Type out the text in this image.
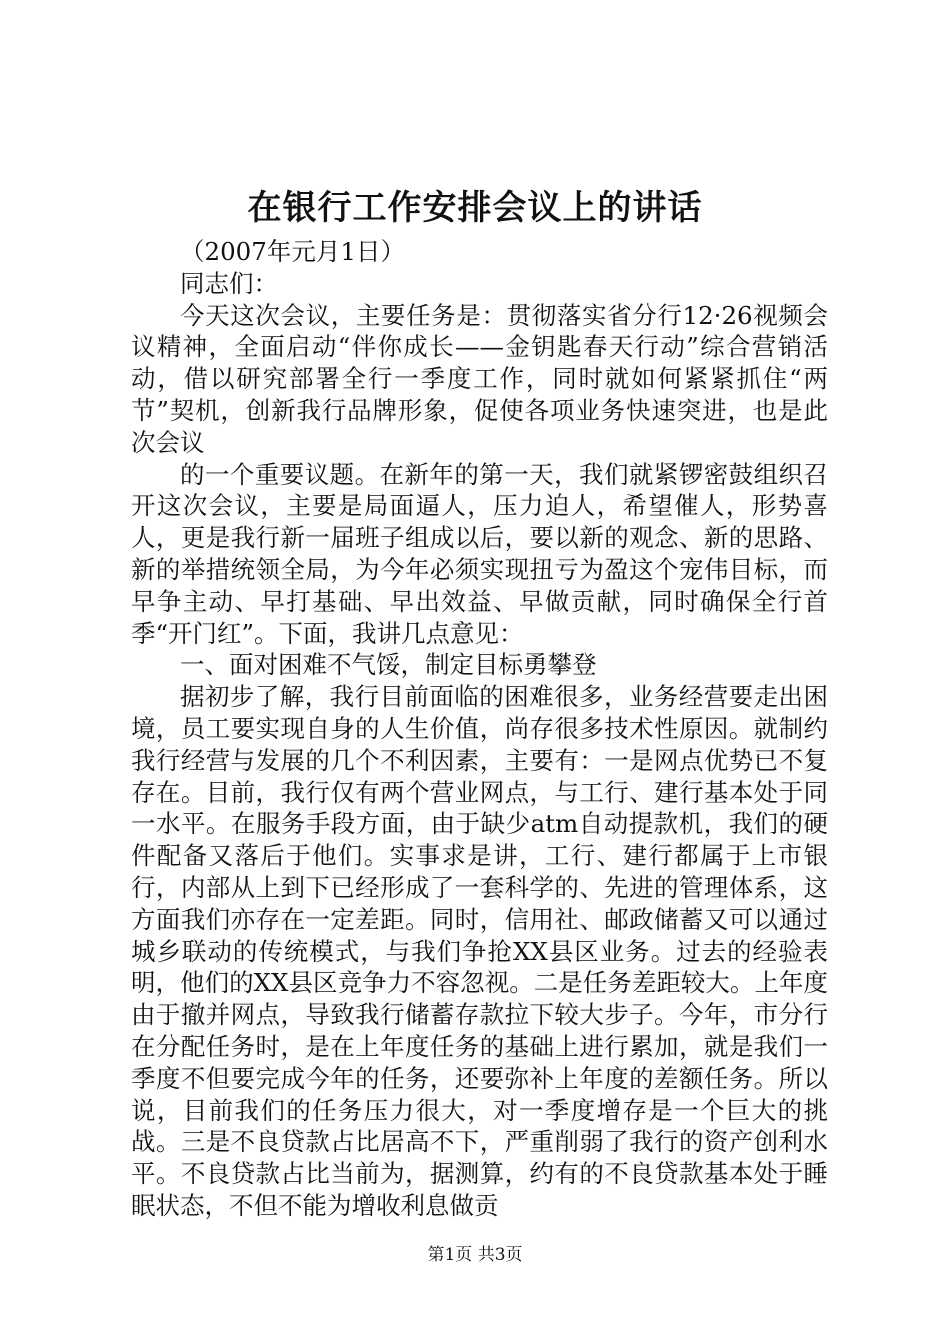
在银行工作安排会议上的讲话

（2007年元月1日）

同志们：

今天这次会议，主要任务是：贯彻落实省分行12·26视频会议精神，全面启动“伴你成长——金钥匙春天行动”综合营销活动，借以研究部署全行一季度工作，同时就如何紧紧抓住“两节”契机，创新我行品牌形象，促使各项业务快速突进，也是此次会议

的一个重要议题。在新年的第一天，我们就紧锣密鼓组织召开这次会议，主要是局面逼人，压力迫人，希望催人，形势喜人，更是我行新一届班子组成以后，要以新的观念、新的思路、新的举措统领全局，为今年必须实现扭亏为盈这个宠伟目标，而早争主动、早打基础、早出效益、早做贡献，同时确保全行首季“开门红”。下面，我讲几点意见：

一、面对困难不气馁，制定目标勇攀登

据初步了解，我行目前面临的困难很多，业务经营要走出困境，员工要实现自身的人生价值，尚存很多技术性原因。就制约我行经营与发展的几个不利因素，主要有：一是网点优势已不复存在。目前，我行仅有两个营业网点，与工行、建行基本处于同一水平。在服务手段方面，由于缺少atm自动提款机，我们的硬件配备又落后于他们。实事求是讲，工行、建行都属于上市银行，内部从上到下已经形成了一套科学的、先进的管理体系，这方面我们亦存在一定差距。同时，信用社、邮政储蓄又可以通过城乡联动的传统模式，与我们争抢XX县区业务。过去的经验表明，他们的XX县区竞争力不容忽视。二是任务差距较大。上年度由于撤并网点，导致我行储蓄存款拉下较大步子。今年，市分行在分配任务时，是在上年度任务的基础上进行累加，就是我们一季度不但要完成今年的任务，还要弥补上年度的差额任务。所以说，目前我们的任务压力很大，对一季度增存是一个巨大的挑战。三是不良贷款占比居高不下，严重削弱了我行的资产创利水平。不良贷款占比当前为，据测算，约有的不良贷款基本处于睡眠状态，不但不能为增收利息做贡

第1页 共3页
